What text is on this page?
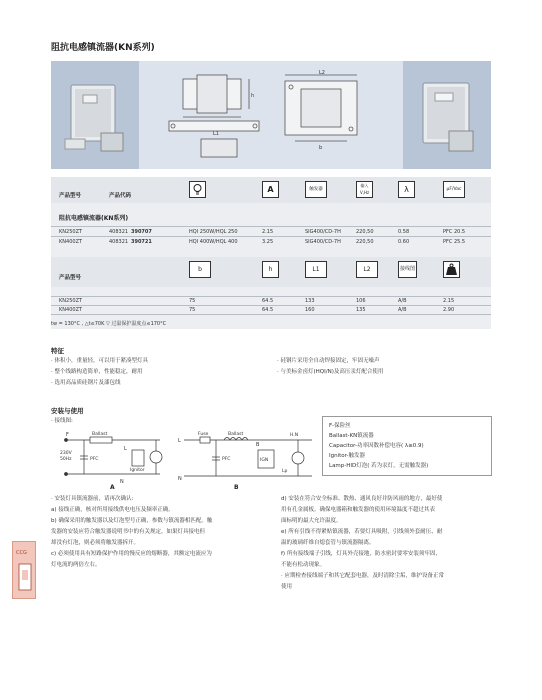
阻抗电感镇流器(KN系列)
L1
L2
h
b
产品型号	产品代码
A	触发器
输入 V,Hz	λ	μF/Vac
阻抗电感镇流器(KN系列)
KN250ZT	408321 390707	HQI 250W/HQL 250	2.15	SIG400/CD-7H	220,50	0.58	PFC 20.5
KN400ZT	408321 390721	HQI 400W/HQL 400	3.25	SIG400/CD-7H	220,50	0.60	PFC 25.5
产品型号
b	h	L1	L2	接线图
KN250ZT	75	64.5	133	106	A/B	2.15
KN400ZT	75	64.5	160	135	A/B	2.90
tw = 130°C , △t≤70K ▽ 过温保护温度点≤170°C
特征
· 体积小，重量轻，可以用于紧凑型灯具
· 整个线路构造简单，性能稳定，耐用
· 选用高品质硅钢片及漆包线
· 硅钢片采用全自动焊接固定，牢固无噪声
· 与美标金卤灯(HQI/N)及高压汞灯配合使用
安装与使用
· 接线图:
F	Ballast
230V
50Hz	PFC
L
Ignitor
N
A
L
Fuse	Ballast
B
H.N
IGN
PFC
Lp
N
B
F-保险丝
Ballast-KN镇流器
Capacitor-功率因数补偿电容( λ≥0.9)
Ignitor-触发器
Lamp-HID灯泡( 若为汞灯，无需触发器)
· 安装灯具镇流器前，请再次确认:
a) 接线正确，核对所用接线供电电压及频率正确。
b) 确保采用的触发器以及灯泡型号正确，参数与镇流器相匹配。触
发器的安装应符合触发器说明书中的有关规定，如果灯具接电但
却没有灯泡，则必须将触发器拆开。
c) 必须使用具有短路保护作用的慢反应的熔断器，其额定电流应为
灯电流的两倍左右。
d) 安装在符合安全标准、散热、通风良好并防风雨的地方，最好使
用有孔金属板。确保电器箱和触发器的使用环境温度不超过其表
面标明的最大允许温度。
e) 所有引线不得紧贴镇流器，若要灯具吸附，引线须外套耐压、耐
温的玻璃纤维自熄套管与镇流器隔离。
f) 所有接线端子引线，灯具外壳接地，防水密封要零安装须牢固，
不能有松动现象。
· 应期检查接线端子和其它配套电器，及时清除尘垢，维护设备正常
使用
CCG
